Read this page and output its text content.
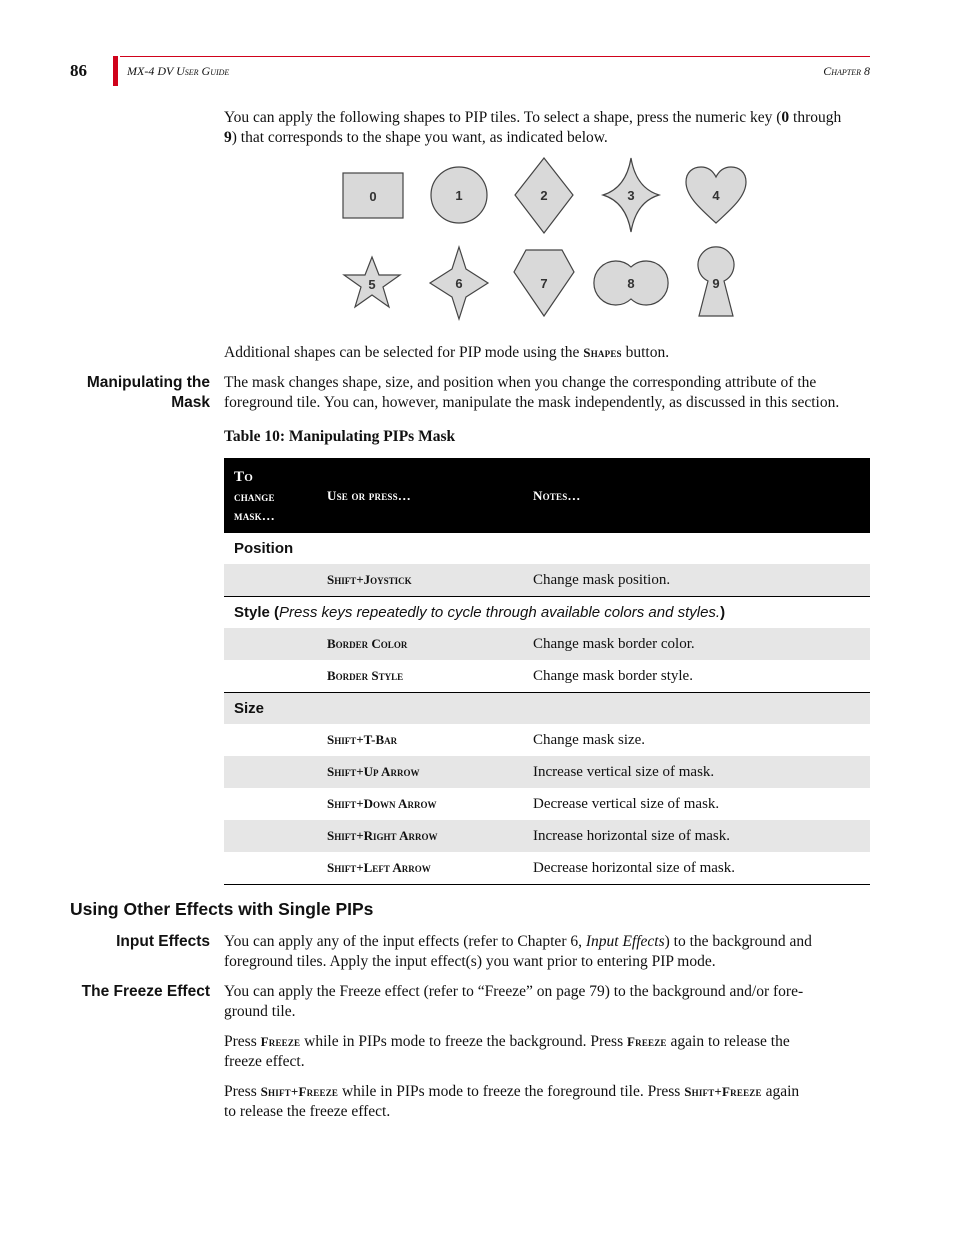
86	MX-4 DV User Guide	Chapter 8
You can apply the following shapes to PIP tiles. To select a shape, press the numeric key (0 through
9) that corresponds to the shape you want, as indicated below.
0	1	2	3	4
5	6	7	8	9
Additional shapes can be selected for PIP mode using the Shapes button.
Manipulating the
Mask
The mask changes shape, size, and position when you change the corresponding attribute of the
foreground tile. You can, however, manipulate the mask independently, as discussed in this section.
Table 10: Manipulating PIPs Mask
To
change
mask…	Use or press…	Notes…
Position		
	Shift+Joystick	Change mask position.
Style (Press keys repeatedly to cycle through available colors and styles.)		
	Border Color	Change mask border color.
	Border Style	Change mask border style.
Size		
	Shift+T-Bar	Change mask size.
	Shift+Up Arrow	Increase vertical size of mask.
	Shift+Down Arrow	Decrease vertical size of mask.
	Shift+Right Arrow	Increase horizontal size of mask.
	Shift+Left Arrow	Decrease horizontal size of mask.
Using Other Effects with Single PIPs
Input Effects You can apply any of the input effects (refer to Chapter 6, Input Effects) to the background and
foreground tiles. Apply the input effect(s) you want prior to entering PIP mode.
The Freeze Effect You can apply the Freeze effect (refer to “Freeze” on page 79) to the background and/or fore-
ground tile.
Press Freeze while in PIPs mode to freeze the background. Press Freeze again to release the
freeze effect.
Press Shift+Freeze while in PIPs mode to freeze the foreground tile. Press Shift+Freeze again
to release the freeze effect.
